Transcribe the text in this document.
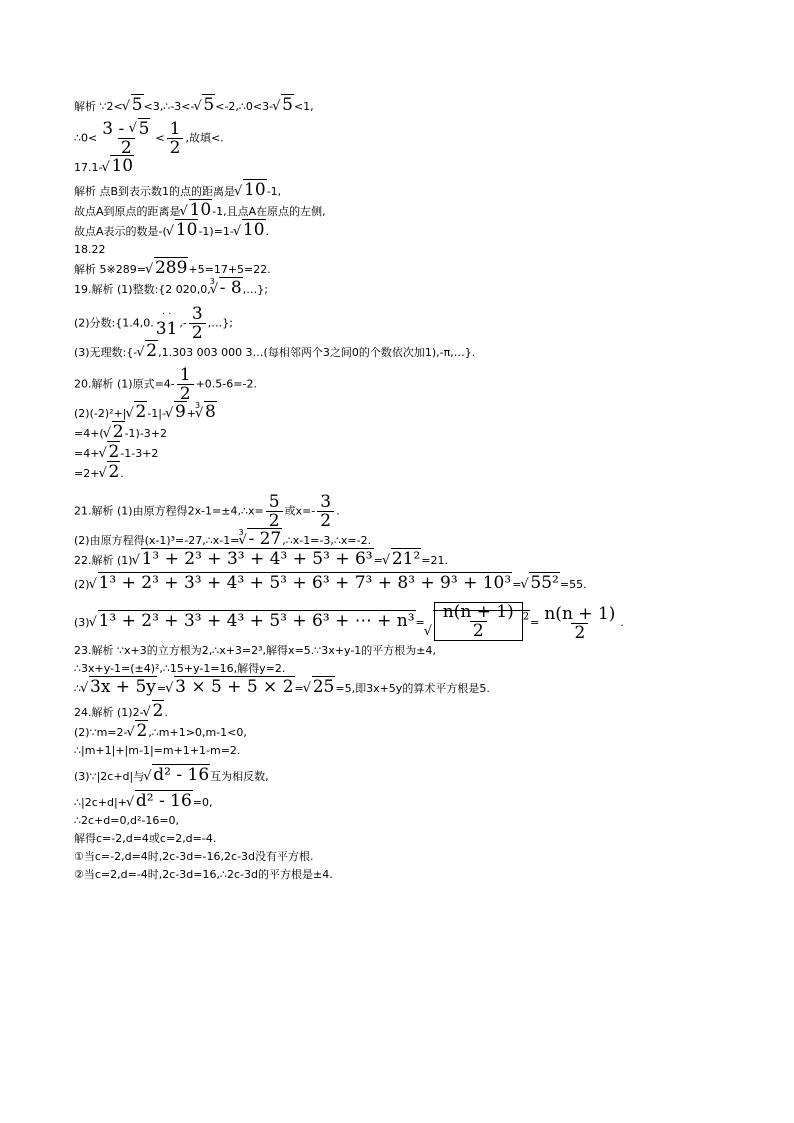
解析 ∵2< √ 5<3,∴-3<- √ 5<-2,∴0<3- √ 5<1,
∴0< $\frac{3 - √ 5}{2} < \frac{1}{2}$ ,故填<.
17.1- √ 10
解析 点B到表示数1的点的距离是 √ 10-1,
故点A到原点的距离是 √ 10-1,且点A在原点的左侧,
故点A表示的数是-( √ 10-1)=1- √ 10.
18.22
解析 5※289= √ 289+5=17+5=22.
19.解析 (1)整数:{2 020,0,
√ 3 - 8,…};
(2)分数:{1.4,0.
· ·
31 ,- $\frac{3}{2}$ ,…};
(3)无理数:{- √ 2,1.303 003 000 3…(每相邻两个3之间0的个数依次加1),-π,…}.
20.解析 (1)原式$=4- \frac{1}{2} +0.5-6=-2$.
(2)(-2)²+| √ 2-1|- √ 9+
√ 3 8
=4+( √ 2-1)-3+2
=4+ √ 2-1-3+2
=2+ √ 2.
21.解析 (1)由原方程得2x-1=±4,∴x= $\frac{5}{2}$ 或$x=- \frac{3}{2}$ .
(2)由原方程得(x-1)³=-27,∴x-1=
√ 3 - 27,∴x-1=-3,∴x=-2.
22.解析 (1) √ 1³ + 2³ + 3³ + 4³ + 5³ + 6³= √ 21²=21.
(2) √ 1³ + 2³ + 3³ + 4³ + 5³ + 6³ + 7³ + 8³ + 9³ + 10³= √ 55²=55.
(3) √ 1³ + 2³ + 3³ + 4³ + 5³ + 6³ + ⋯ + n³= √ $\frac{n(n + 1)}{2} ^2= \frac{n(n + 1)}{2}$ .
23.解析 ∵x+3的立方根为2,∴x+3=2³,解得x=5.∵3x+y-1的平方根为±4,
∴3x+y-1=(±4)²,∴15+y-1=16,解得y=2.
∴ √ 3x + 5y= √ 3 × 5 + 5 × 2= √ 25=5,即3x+5y的算术平方根是5.
24.解析 (1)2- √ 2.
(2)∵m=2- √ 2,∴m+1>0,m-1<0,
∴|m+1|+|m-1|=m+1+1-m=2.
(3)∵|2c+d|与 √ d² - 16互为相反数,
∴|2c+d|+ √ d² - 16=0,
∴2c+d=0,d²-16=0,
解得c=-2,d=4或c=2,d=-4.
①当c=-2,d=4时,2c-3d=-16,2c-3d没有平方根.
②当c=2,d=-4时,2c-3d=16,∴2c-3d的平方根是±4.
